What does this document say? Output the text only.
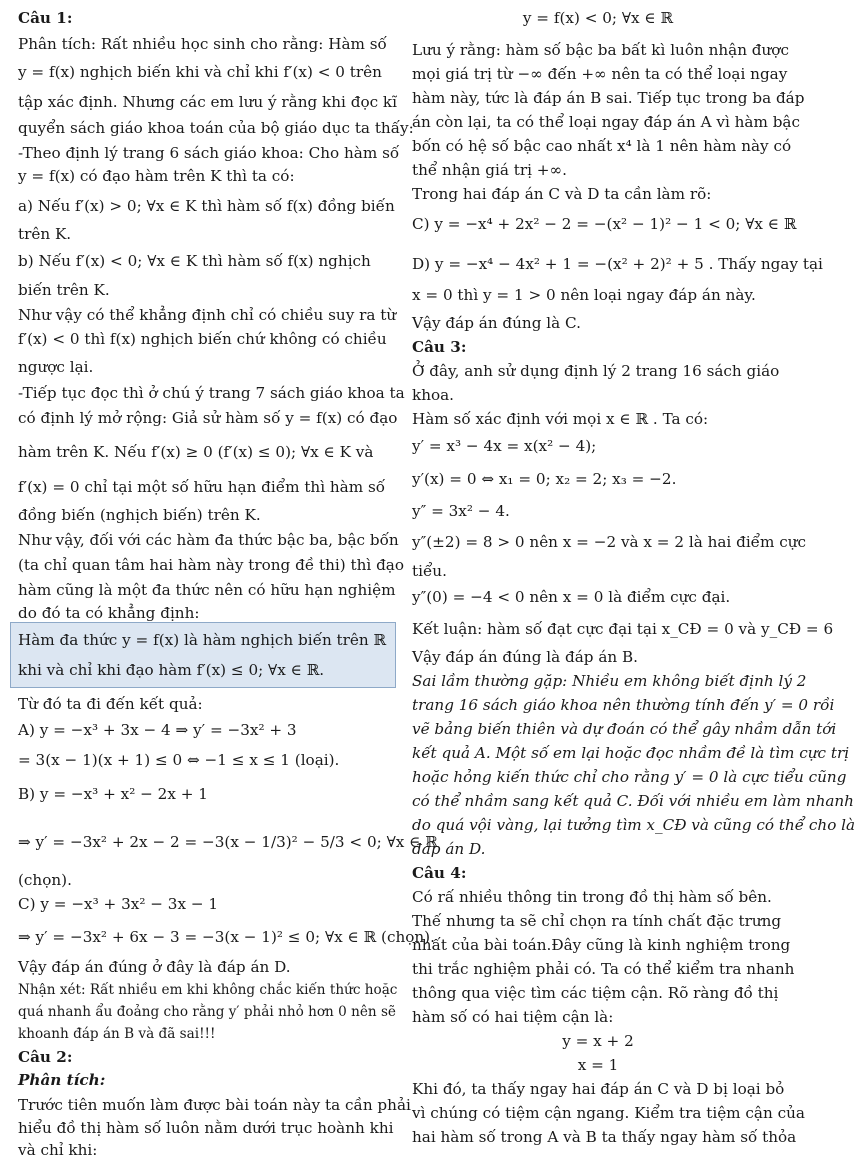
Câu 1:
Phân tích: Rất nhiều học sinh cho rằng: Hàm số
y = f(x) nghịch biến khi và chỉ khi f′(x) < 0 trên
tập xác định. Nhưng các em lưu ý rằng khi đọc kĩ
quyển sách giáo khoa toán của bộ giáo dục ta thấy:
-Theo định lý trang 6 sách giáo khoa: Cho hàm số
y = f(x) có đạo hàm trên K thì ta có:
a) Nếu f′(x) > 0; ∀x ∈ K thì hàm số f(x) đồng biến
trên K.
b) Nếu f′(x) < 0; ∀x ∈ K thì hàm số f(x) nghịch
biến trên K.
Như vậy có thể khẳng định chỉ có chiều suy ra từ
f′(x) < 0 thì f(x) nghịch biến chứ không có chiều
ngược lại.
-Tiếp tục đọc thì ở chú ý trang 7 sách giáo khoa ta
có định lý mở rộng: Giả sử hàm số y = f(x) có đạo
hàm trên K. Nếu f′(x) ≥ 0 (f′(x) ≤ 0); ∀x ∈ K và
f′(x) = 0 chỉ tại một số hữu hạn điểm thì hàm số
đồng biến (nghịch biến) trên K.
Như vậy, đối với các hàm đa thức bậc ba, bậc bốn
(ta chỉ quan tâm hai hàm này trong đề thi) thì đạo
hàm cũng là một đa thức nên có hữu hạn nghiệm
do đó ta có khẳng định:
Hàm đa thức y = f(x) là hàm nghịch biến trên ℝ
khi và chỉ khi đạo hàm f′(x) ≤ 0; ∀x ∈ ℝ.
Từ đó ta đi đến kết quả:
A) y = −x³ + 3x − 4 ⇒ y′ = −3x² + 3
= 3(x − 1)(x + 1) ≤ 0 ⇔ −1 ≤ x ≤ 1 (loại).
B) y = −x³ + x² − 2x + 1
⇒ y′ = −3x² + 2x − 2 = −3(x − 1/3)² − 5/3 < 0; ∀x ∈ ℝ
(chọn).
C) y = −x³ + 3x² − 3x − 1
⇒ y′ = −3x² + 6x − 3 = −3(x − 1)² ≤ 0; ∀x ∈ ℝ (chọn).
Vậy đáp án đúng ở đây là đáp án D.
Nhận xét: Rất nhiều em khi không chắc kiến thức hoặc
quá nhanh ẩu đoảng cho rằng y′ phải nhỏ hơn 0 nên sẽ
khoanh đáp án B và đã sai!!!
Câu 2:
Phân tích:
Trước tiên muốn làm được bài toán này ta cần phải
hiểu đồ thị hàm số luôn nằm dưới trục hoành khi
và chỉ khi:
y = f(x) < 0; ∀x ∈ ℝ
Lưu ý rằng: hàm số bậc ba bất kì luôn nhận được
mọi giá trị từ −∞ đến +∞ nên ta có thể loại ngay
hàm này, tức là đáp án B sai. Tiếp tục trong ba đáp
án còn lại, ta có thể loại ngay đáp án A vì hàm bậc
bốn có hệ số bậc cao nhất x⁴ là 1 nên hàm này có
thể nhận giá trị +∞.
Trong hai đáp án C và D ta cần làm rõ:
C) y = −x⁴ + 2x² − 2 = −(x² − 1)² − 1 < 0; ∀x ∈ ℝ
D) y = −x⁴ − 4x² + 1 = −(x² + 2)² + 5 . Thấy ngay tại
x = 0 thì y = 1 > 0 nên loại ngay đáp án này.
Vậy đáp án đúng là C.
Câu 3:
Ở đây, anh sử dụng định lý 2 trang 16 sách giáo
khoa.
Hàm số xác định với mọi x ∈ ℝ . Ta có:
y′ = x³ − 4x = x(x² − 4);
y′(x) = 0 ⇔ x₁ = 0; x₂ = 2; x₃ = −2.
y″ = 3x² − 4.
y″(±2) = 8 > 0 nên x = −2 và x = 2 là hai điểm cực
tiểu.
y″(0) = −4 < 0 nên x = 0 là điểm cực đại.
Kết luận: hàm số đạt cực đại tại x_CĐ = 0 và y_CĐ = 6
Vậy đáp án đúng là đáp án B.
Sai lầm thường gặp: Nhiều em không biết định lý 2
trang 16 sách giáo khoa nên thường tính đến y′ = 0 rồi
vẽ bảng biến thiên và dự đoán có thể gây nhầm dẫn tới
kết quả A. Một số em lại hoặc đọc nhầm đề là tìm cực trị
hoặc hỏng kiến thức chỉ cho rằng y′ = 0 là cực tiểu cũng
có thể nhầm sang kết quả C. Đối với nhiều em làm nhanh
do quá vội vàng, lại tưởng tìm x_CĐ và cũng có thể cho là
đáp án D.
Câu 4:
Có rấ nhiều thông tin trong đồ thị hàm số bên.
Thế nhưng ta sẽ chỉ chọn ra tính chất đặc trưng
nhất của bài toán.Đây cũng là kinh nghiệm trong
thi trắc nghiệm phải có. Ta có thể kiểm tra nhanh
thông qua việc tìm các tiệm cận. Rõ ràng đồ thị
hàm số có hai tiệm cận là:
y = x + 2
x = 1
Khi đó, ta thấy ngay hai đáp án C và D bị loại bỏ
vì chúng có tiệm cận ngang. Kiểm tra tiệm cận của
hai hàm số trong A và B ta thấy ngay hàm số thỏa
